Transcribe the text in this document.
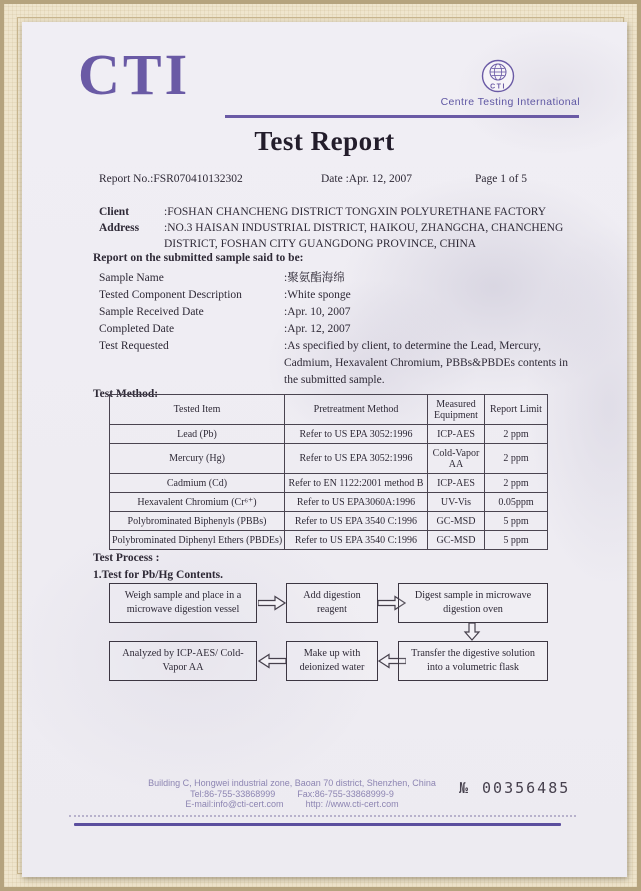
CTI	CTI
Centre Testing International
Test Report
Report No.:FSR070410132302	Date :Apr. 12, 2007	Page 1 of 5
Client	:FOSHAN CHANCHENG DISTRICT TONGXIN POLYURETHANE FACTORY
Address	:NO.3 HAISAN INDUSTRIAL DISTRICT, HAIKOU, ZHANGCHA, CHANCHENG DISTRICT, FOSHAN CITY GUANGDONG PROVINCE, CHINA
Report on the submitted sample said to be:
Sample Name	:聚氨酯海绵
Tested Component Description	:White sponge
Sample Received Date	:Apr. 10, 2007
Completed Date	:Apr. 12, 2007
Test Requested	:As specified by client, to determine the Lead, Mercury, Cadmium, Hexavalent Chromium, PBBs&PBDEs contents in the submitted sample.
Test Method:
Tested Item	Pretreatment Method	Measured Equipment	Report Limit
Lead (Pb)	Refer to US EPA 3052:1996	ICP-AES	2 ppm
Mercury (Hg)	Refer to US EPA 3052:1996	Cold-Vapor AA	2 ppm
Cadmium (Cd)	Refer to EN 1122:2001 method B	ICP-AES	2 ppm
Hexavalent Chromium (Cr⁶⁺)	Refer to US EPA3060A:1996	UV-Vis	0.05ppm
Polybrominated Biphenyls (PBBs)	Refer to US EPA 3540 C:1996	GC-MSD	5 ppm
Polybrominated Diphenyl Ethers (PBDEs)	Refer to US EPA 3540 C:1996	GC-MSD	5 ppm
Test Process :
1.Test for Pb/Hg Contents.
Weigh sample and place in a microwave digestion vessel
Add digestion reagent
Digest sample in microwave digestion oven
Analyzed by ICP-AES/ Cold-Vapor AA
Make up with deionized water
Transfer the digestive solution into a volumetric flask
Building C, Hongwei industrial zone, Baoan 70 district, Shenzhen, China
Tel:86-755-33868999 Fax:86-755-33868999-9
E-mail:info@cti-cert.com http: //www.cti-cert.com
№ 00356485
